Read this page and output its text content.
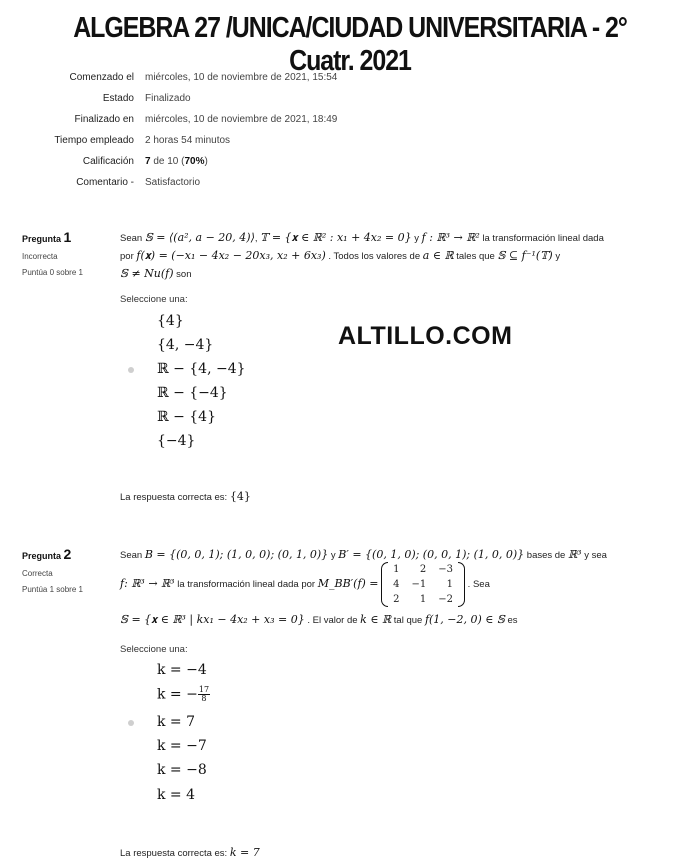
ALGEBRA 27 /UNICA/CIUDAD UNIVERSITARIA - 2° Cuatr. 2021
Comenzado el miércoles, 10 de noviembre de 2021, 15:54
Estado Finalizado
Finalizado en miércoles, 10 de noviembre de 2021, 18:49
Tiempo empleado 2 horas 54 minutos
Calificación 7 de 10 (70%)
Comentario - Satisfactorio
ALTILLO.COM
Pregunta 1
Incorrecta
Puntúa 0 sobre 1
Sean 𝕊 = ⟨(a², a − 20, 4)⟩, 𝕋 = {𝐱 ∈ ℝ² : x₁ + 4x₂ = 0} y f : ℝ³ → ℝ² la transformación lineal dada
por f(𝐱) = (−x₁ − 4x₂ − 20x₃, x₂ + 6x₃) . Todos los valores de a ∈ ℝ tales que 𝕊 ⊆ f⁻¹(𝕋) y
𝕊 ≠ Nu(f) son
Seleccione una:
{4}
{4, −4}
ℝ − {4, −4}
ℝ − {−4}
ℝ − {4}
{−4}
La respuesta correcta es: {4}
Pregunta 2
Correcta
Puntúa 1 sobre 1
Sean B = {(0, 0, 1); (1, 0, 0); (0, 1, 0)} y B′ = {(0, 1, 0); (0, 0, 1); (1, 0, 0)} bases de ℝ³ y sea
f: ℝ³ → ℝ³ la transformación lineal dada por M_BB′(f) =
1	2	−3
4	−1	1
2	1	−2
. Sea
𝕊 = {𝐱 ∈ ℝ³ | kx₁ − 4x₂ + x₃ = 0} . El valor de k ∈ ℝ tal que f(1, −2, 0) ∈ 𝕊 es
Seleccione una:
k = −4
k = − $\frac{17}{8}$
k = 7
k = −7
k = −8
k = 4
La respuesta correcta es: k = 7
